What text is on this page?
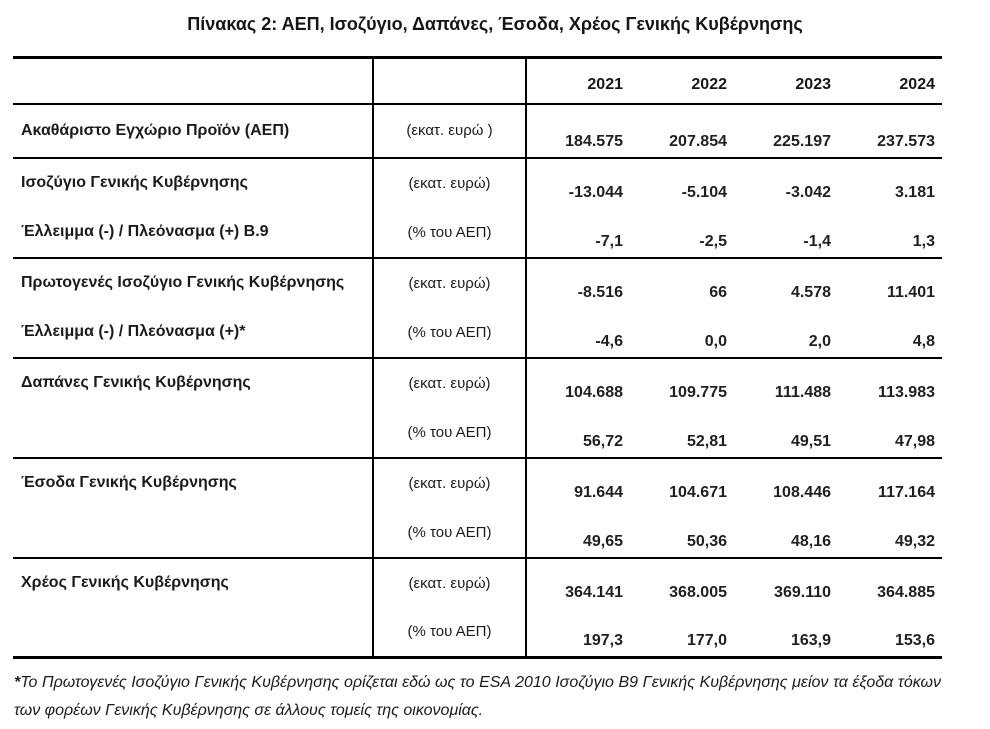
Πίνακας 2: ΑΕΠ, Ισοζύγιο, Δαπάνες, Έσοδα, Χρέος Γενικής Κυβέρνησης
		2021	2022	2023	2024
Ακαθάριστο Εγχώριο Προϊόν (ΑΕΠ)	(εκατ. ευρώ )	184.575	207.854	225.197	237.573
Ισοζύγιο Γενικής Κυβέρνησης	(εκατ. ευρώ)	-13.044	-5.104	-3.042	3.181
Έλλειμμα (-) / Πλεόνασμα (+) B.9	(% του ΑΕΠ)	-7,1	-2,5	-1,4	1,3
Πρωτογενές Ισοζύγιο Γενικής Κυβέρνησης	(εκατ. ευρώ)	-8.516	66	4.578	11.401
Έλλειμμα (-) / Πλεόνασμα (+)*	(% του ΑΕΠ)	-4,6	0,0	2,0	4,8
Δαπάνες Γενικής Κυβέρνησης	(εκατ. ευρώ)	104.688	109.775	111.488	113.983
	(% του ΑΕΠ)	56,72	52,81	49,51	47,98
Έσοδα Γενικής Κυβέρνησης	(εκατ. ευρώ)	91.644	104.671	108.446	117.164
	(% του ΑΕΠ)	49,65	50,36	48,16	49,32
Χρέος Γενικής Κυβέρνησης	(εκατ. ευρώ)	364.141	368.005	369.110	364.885
	(% του ΑΕΠ)	197,3	177,0	163,9	153,6
*Το Πρωτογενές Ισοζύγιο Γενικής Κυβέρνησης ορίζεται εδώ ως το ESA 2010 Ισοζύγιο B9 Γενικής Κυβέρνησης μείον τα έξοδα τόκων των φορέων Γενικής Κυβέρνησης σε άλλους τομείς της οικονομίας.
